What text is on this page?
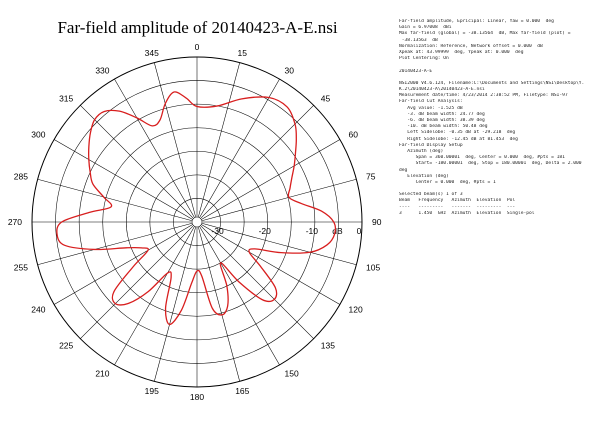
Far-field amplitude of 20140423-A-E.nsi
0
15
30
45
60
75
90
105
120
135
150
165
180
195
210
225
240
255
270
285
300
315
330
345
-30	-20	-10	0
dB
Far-field amplitude, Epricipal: Linear, Yaw = 0.000  deg
Gain = 6.97008  dBi
Max far-field (global) = -38.13564  dB, Max far-field (plot) =
-38.13563  dB
Normalization: Reference, Network offset = 0.000  dB
Xpeak at: 43.99999  deg, Ypeak at: 0.000  deg
Plot Centering: On
20140423-A-E
NSI2000 V4.6.124, Filename:C:\Documents and Settings\NSI\Desktop\Y.
K.2\20140423-A\20140423-A-E.nsi
Measurement date/time: 4/23/2014 2:38:52 PM, Filetype: NSI-97
Far-field Cut Analysis:
Avg value: -1.525 dB
-3. dB beam width: 24.77 deg
-6. dB beam width: 38.39 deg
-10. dB beam width: 50.48 deg
Left Sidelobe: -0.35 dB at -29.218  deg
Right Sidelobe: -12.45 dB at 81.453  deg
Far-field Display Setup
Azimuth (deg)
Span = 360.00001  deg, Center = 0.000  deg, #pts = 181
Start= -180.00001  deg, Stop = 180.00001  deg, Delta = 2.000
deg
Elevation (deg)
Center = 0.000  deg, #pts = 1
Selected beam(s) 1 of 3
Beam   Frequency   Azimuth  Elevation  Pol
----   ---------   -------  ---------  ---
3      1.450  GHz  Azimuth  Elevation  Single-pol
